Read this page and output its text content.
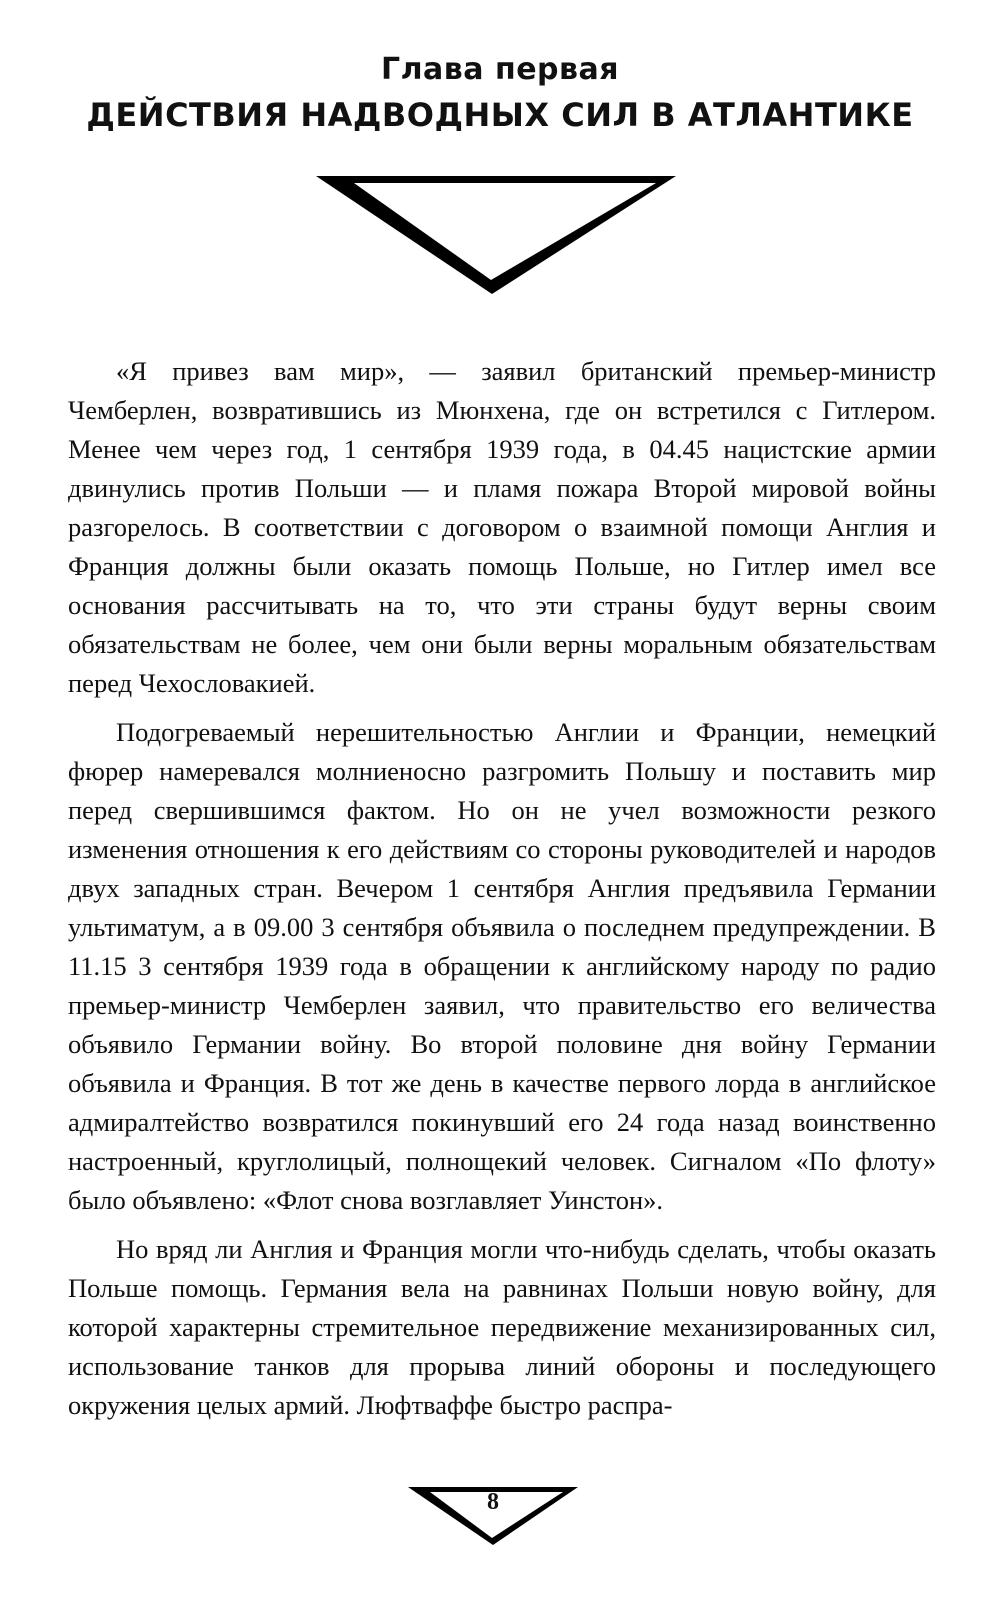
Глава первая
ДЕЙСТВИЯ НАДВОДНЫХ СИЛ В АТЛАНТИКЕ

«Я привез вам мир», — заявил британский премьер-министр Чемберлен, возвратившись из Мюнхена, где он встретился с Гитлером. Менее чем через год, 1 сентября 1939 года, в 04.45 нацистские армии двинулись против Польши — и пламя пожара Второй мировой войны разгорелось. В соответствии с договором о взаимной помощи Англия и Франция должны были оказать помощь Польше, но Гитлер имел все основания рассчитывать на то, что эти страны будут верны своим обязательствам не более, чем они были верны моральным обязательствам перед Чехословакией.

Подогреваемый нерешительностью Англии и Франции, немецкий фюрер намеревался молниеносно разгромить Польшу и поставить мир перед свершившимся фактом. Но он не учел возможности резкого изменения отношения к его действиям со стороны руководителей и народов двух западных стран. Вечером 1 сентября Англия предъявила Германии ультиматум, а в 09.00 3 сентября объявила о последнем предупреждении. В 11.15 3 сентября 1939 года в обращении к английскому народу по радио премьер-министр Чемберлен заявил, что правительство его величества объявило Германии войну. Во второй половине дня войну Германии объявила и Франция. В тот же день в качестве первого лорда в английское адмиралтейство возвратился покинувший его 24 года назад воинственно настроенный, круглолицый, полнощекий человек. Сигналом «По флоту» было объявлено: «Флот снова возглавляет Уинстон».

Но вряд ли Англия и Франция могли что-нибудь сделать, чтобы оказать Польше помощь. Германия вела на равнинах Польши новую войну, для которой характерны стремительное передвижение механизированных сил, использование танков для прорыва линий обороны и последующего окружения целых армий. Люфтваффе быстро распра-

8
